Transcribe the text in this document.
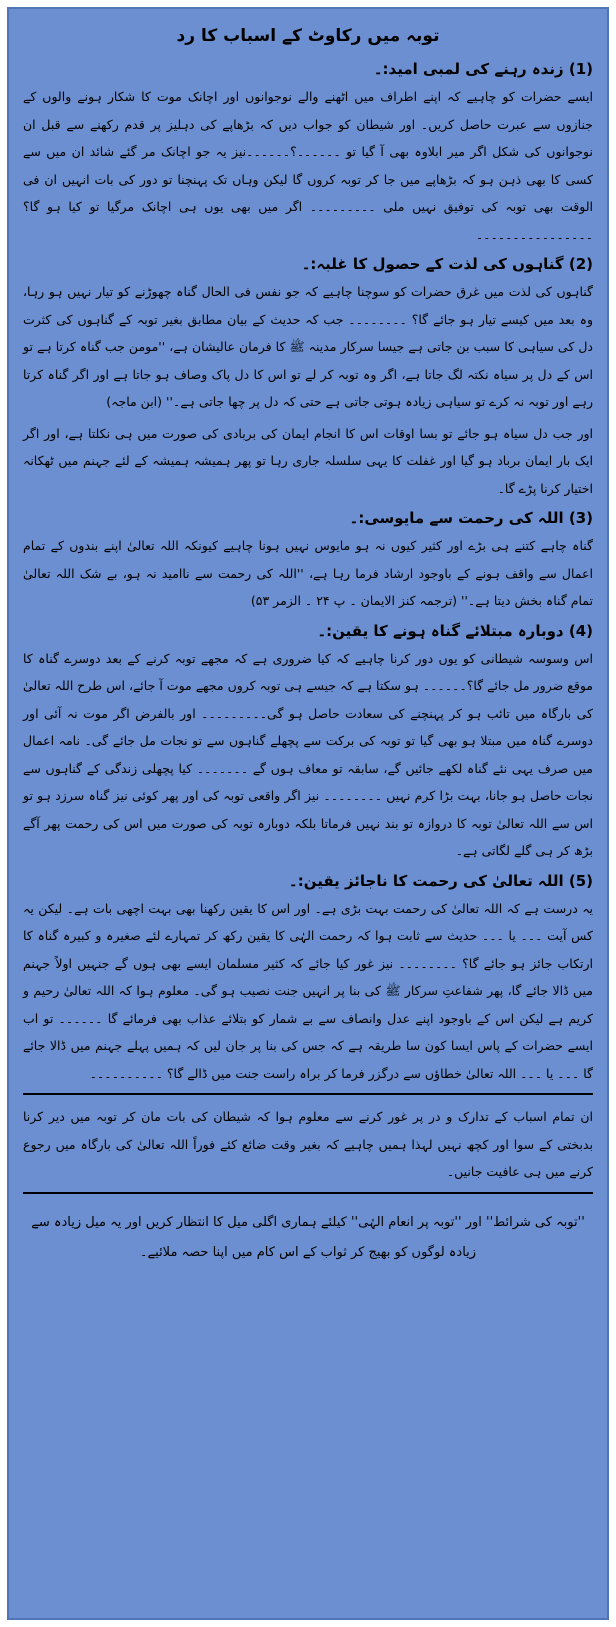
توبہ میں رکاوٹ کے اسباب کا رد
(1) زندہ رہنے کی لمبی امید:۔

ایسے حضرات کو چاہیے کہ اپنے اطراف میں اٹھنے والے نوجوانوں اور اچانک موت کا شکار ہونے والوں کے جنازوں سے عبرت حاصل کریں۔ اور شیطان کو جواب دیں کہ بڑھاپے کی دہلیز پر قدم رکھنے سے قبل ان نوجوانوں کی شکل اگر میر ابلاوہ بھی آ گیا تو ۔۔۔۔۔۔؟۔۔۔۔۔۔نیز یہ جو اچانک مر گئے شائد ان میں سے کسی کا بھی ذہن ہو کہ بڑھاپے میں جا کر توبہ کروں گا لیکن وہاں تک پہنچنا تو دور کی بات انہیں ان فی الوقت بھی توبہ کی توفیق نہیں ملی ۔۔۔۔۔۔۔۔۔ اگر میں بھی یوں ہی اچانک مرگیا تو کیا ہو گا؟ ۔۔۔۔۔۔۔۔۔۔۔۔۔۔۔۔

(2) گناہوں کی لذت کے حصول کا غلبہ:۔

گناہوں کی لذت میں غرق حضرات کو سوچنا چاہیے کہ جو نفس فی الحال گناہ چھوڑنے کو تیار نہیں ہو رہا، وہ بعد میں کیسے تیار ہو جائے گا؟ ۔۔۔۔۔۔۔۔ جب کہ حدیث کے بیان مطابق بغیر توبہ کے گناہوں کی کثرت دل کی سیاہی کا سبب بن جاتی ہے جیسا سرکار مدینہ ﷺ کا فرمان عالیشان ہے، ''مومن جب گناہ کرتا ہے تو اس کے دل پر سیاہ نکتہ لگ جاتا ہے، اگر وہ توبہ کر لے تو اس کا دل پاک وصاف ہو جاتا ہے اور اگر گناہ کرتا رہے اور توبہ نہ کرے تو سیاہی زیادہ ہوتی جاتی ہے حتی کہ دل پر چھا جاتی ہے۔'' (ابن ماجہ)

اور جب دل سیاہ ہو جائے تو بسا اوقات اس کا انجام ایمان کی بربادی کی صورت میں ہی نکلتا ہے، اور اگر ایک بار ایمان برباد ہو گیا اور غفلت کا یہی سلسلہ جاری رہا تو پھر ہمیشہ ہمیشہ کے لئے جہنم میں ٹھکانہ اختیار کرنا پڑے گا۔

(3) اللہ کی رحمت سے مایوسی:۔

گناہ چاہے کتنے ہی بڑے اور کثیر کیوں نہ ہو مایوس نہیں ہونا چاہیے کیونکہ اللہ تعالیٰ اپنے بندوں کے تمام اعمال سے واقف ہونے کے باوجود ارشاد فرما رہا ہے، ''اللہ کی رحمت سے ناامید نہ ہو، بے شک اللہ تعالیٰ تمام گناہ بخش دیتا ہے۔'' (ترجمہ کنز الایمان ۔ پ ۲۴ ۔ الزمر ۵۳)

(4) دوبارہ مبتلائے گناہ ہونے کا یقین:۔

اس وسوسہ شیطانی کو یوں دور کرنا چاہیے کہ کیا ضروری ہے کہ مجھے توبہ کرنے کے بعد دوسرے گناہ کا موقع ضرور مل جائے گا؟۔۔۔۔۔۔ ہو سکتا ہے کہ جیسے ہی توبہ کروں مجھے موت آ جائے، اس طرح اللہ تعالیٰ کی بارگاہ میں تائب ہو کر پہنچنے کی سعادت حاصل ہو گی۔۔۔۔۔۔۔۔۔ اور بالفرض اگر موت نہ آئی اور دوسرے گناہ میں مبتلا ہو بھی گیا تو توبہ کی برکت سے پچھلے گناہوں سے تو نجات مل جائے گی۔ نامہ اعمال میں صرف یہی نئے گناہ لکھے جائیں گے، سابقہ تو معاف ہوں گے ۔۔۔۔۔۔۔ کیا پچھلی زندگی کے گناہوں سے نجات حاصل ہو جانا، بہت بڑا کرم نہیں ۔۔۔۔۔۔۔۔ نیز اگر واقعی توبہ کی اور پھر کوئی نیز گناہ سرزد ہو تو اس سے اللہ تعالیٰ توبہ کا دروازہ تو بند نہیں فرماتا بلکہ دوبارہ توبہ کی صورت میں اس کی رحمت پھر آگے بڑھ کر ہی گلے لگاتی ہے۔

(5) اللہ تعالیٰ کی رحمت کا ناجائز یقین:۔

یہ درست ہے کہ اللہ تعالیٰ کی رحمت بہت بڑی ہے۔ اور اس کا یقین رکھنا بھی بہت اچھی بات ہے۔ لیکن یہ کس آیت ۔۔۔ یا ۔۔۔ حدیث سے ثابت ہوا کہ رحمت الہٰی کا یقین رکھ کر تمہارے لئے صغیرہ و کبیرہ گناہ کا ارتکاب جائز ہو جائے گا؟ ۔۔۔۔۔۔۔۔ نیز غور کیا جائے کہ کثیر مسلمان ایسے بھی ہوں گے جنہیں اولاً جہنم میں ڈالا جائے گا، پھر شفاعتِ سرکار ﷺ کی بنا پر انہیں جنت نصیب ہو گی۔ معلوم ہوا کہ اللہ تعالیٰ رحیم و کریم ہے لیکن اس کے باوجود اپنے عدل وانصاف سے بے شمار کو بتلائے عذاب بھی فرمائے گا ۔۔۔۔۔۔ تو اب ایسے حضرات کے پاس ایسا کون سا طریقہ ہے کہ جس کی بنا پر جان لیں کہ ہمیں پہلے جہنم میں ڈالا جائے گا ۔۔۔ یا ۔۔۔ اللہ تعالیٰ خطاؤں سے درگزر فرما کر براہ راست جنت میں ڈالے گا؟ ۔۔۔۔۔۔۔۔۔۔

ان تمام اسباب کے تدارک و در پر غور کرنے سے معلوم ہوا کہ شیطان کی بات مان کر توبہ میں دیر کرنا بدبختی کے سوا اور کچھ نہیں لہذا ہمیں چاہیے کہ بغیر وقت ضائع کئے فوراً اللہ تعالیٰ کی بارگاہ میں رجوع کرنے میں ہی عافیت جانیں۔

''توبہ کی شرائط'' اور ''توبہ پر انعام الہٰی'' کیلئے ہماری اگلی میل کا انتظار کریں اور یہ میل زیادہ سے زیادہ لوگوں کو بھیج کر ثواب کے اس کام میں اپنا حصہ ملائیے۔
